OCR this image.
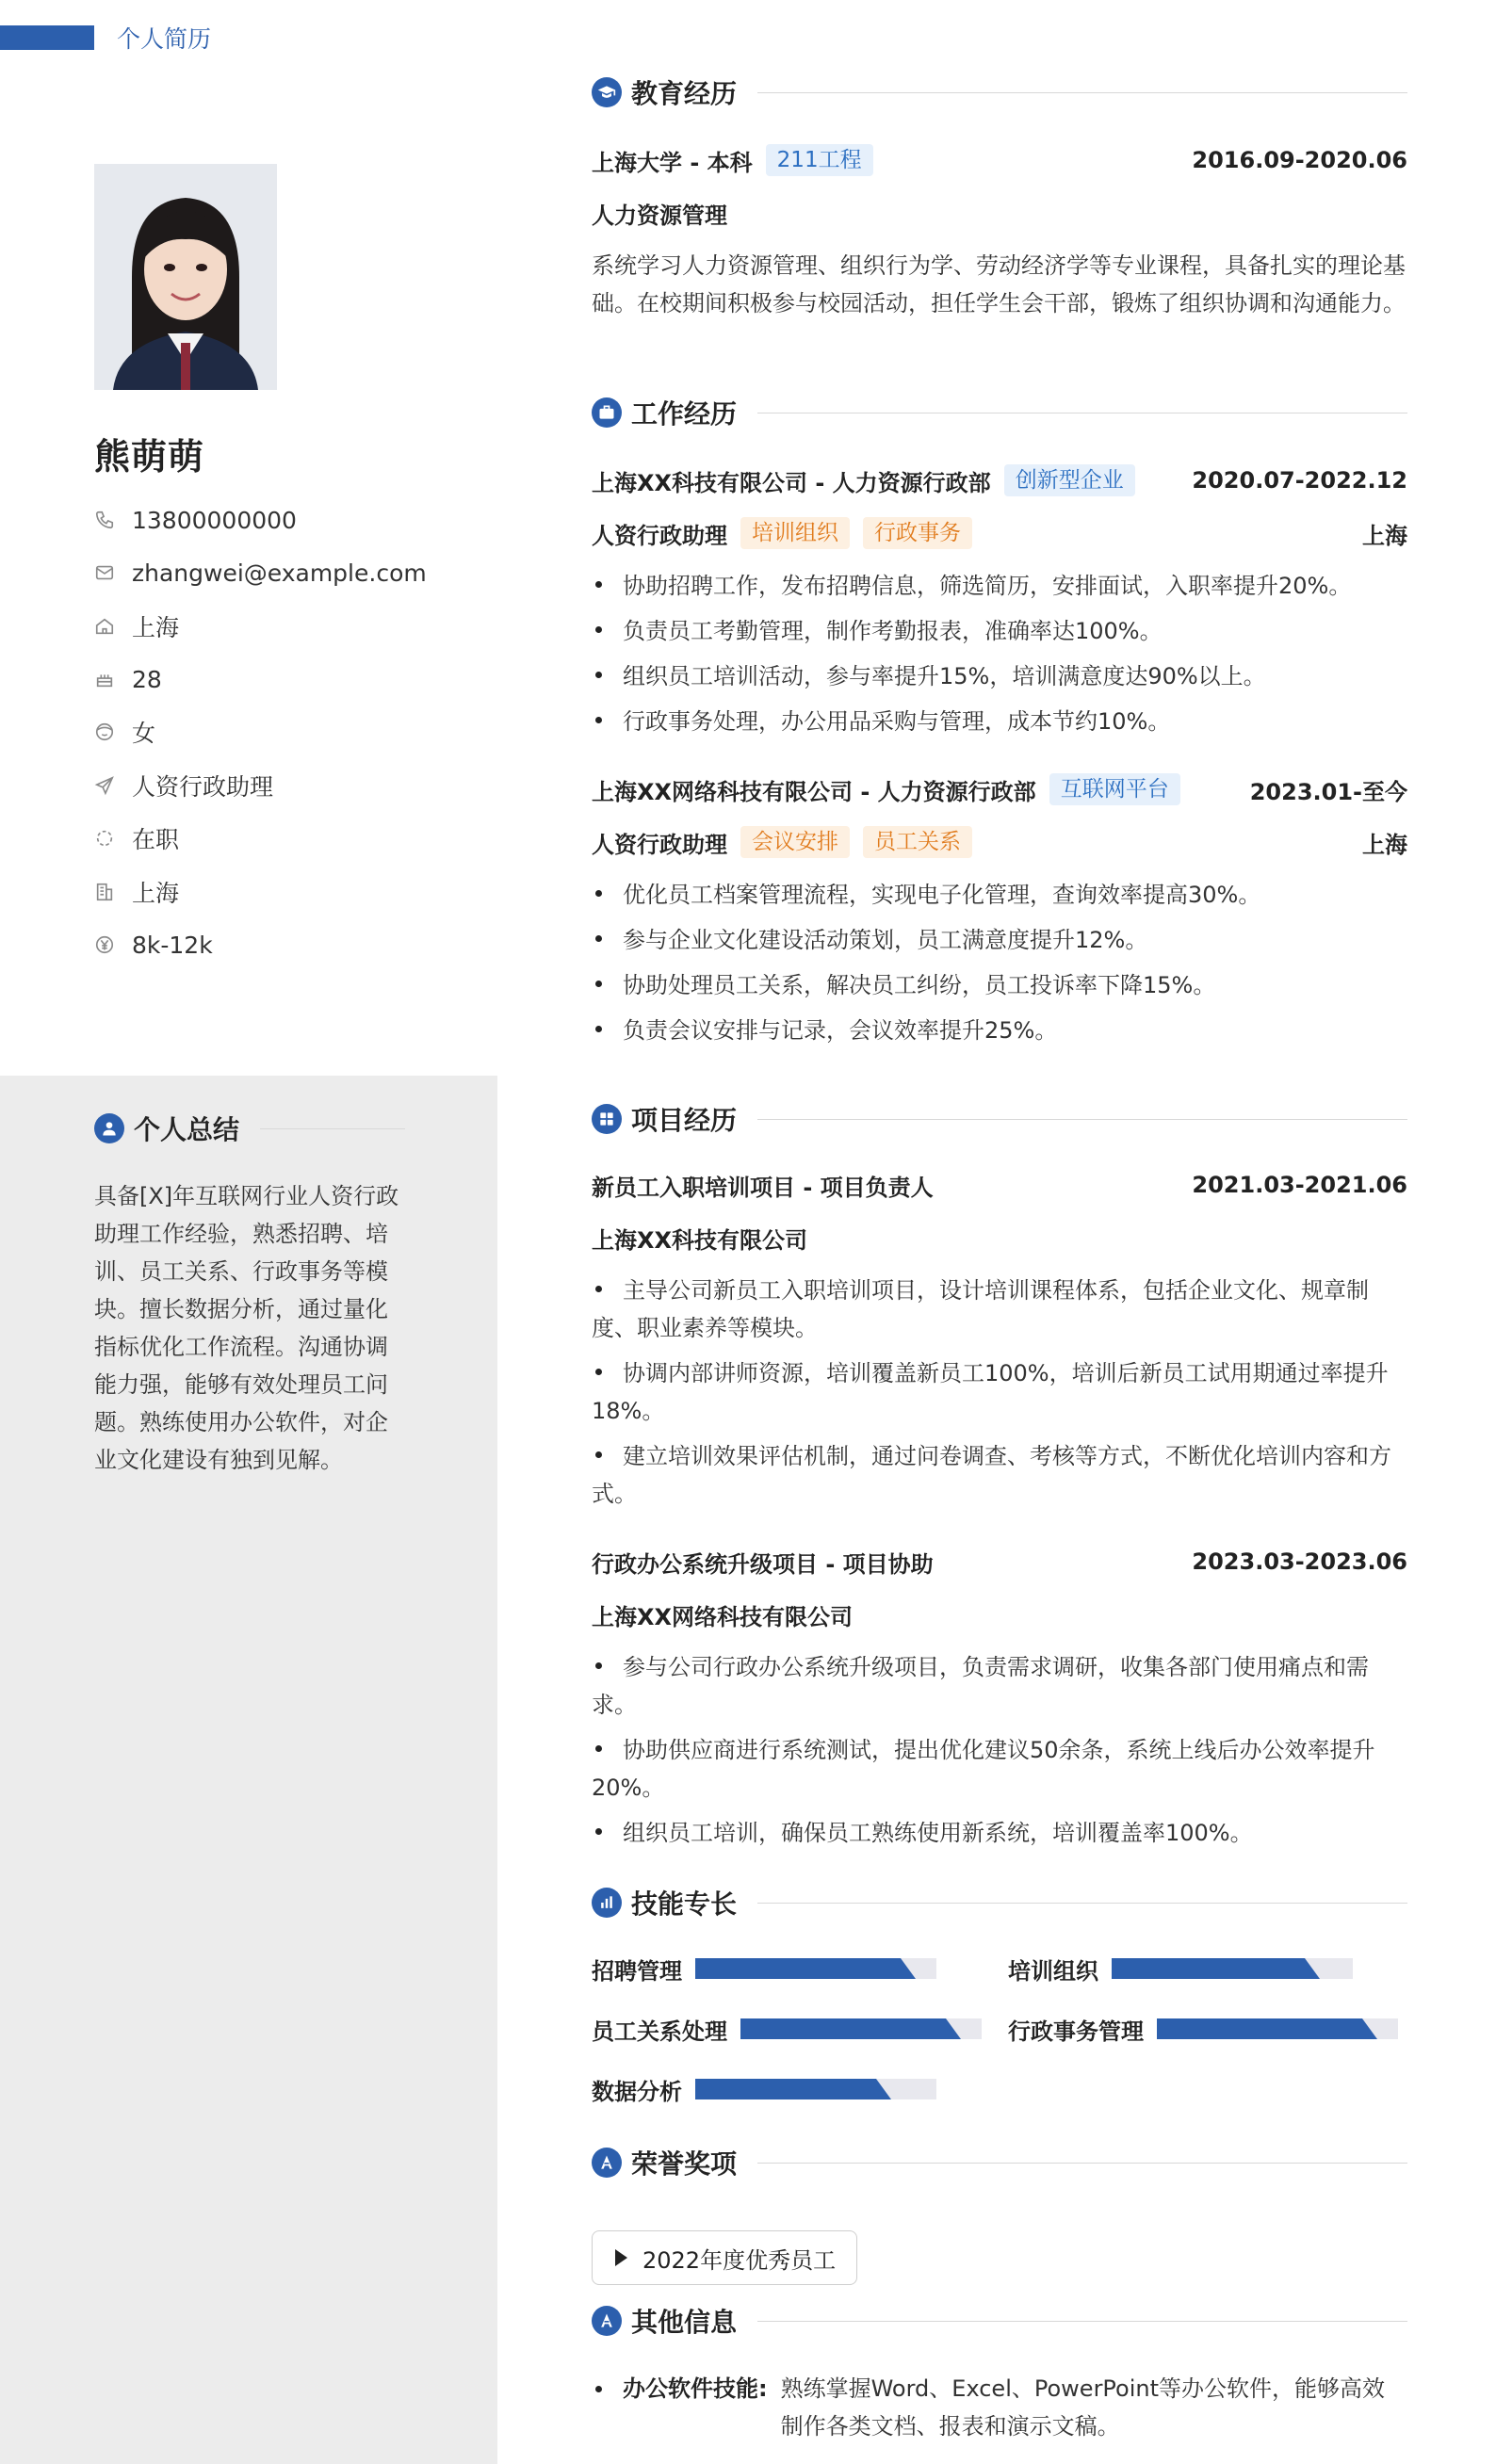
个人简历
熊萌萌
13800000000
zhangwei@example.com
上海
28
女
人资行政助理
在职
上海
8k-12k
个人总结
具备[X]年互联网行业人资行政助理工作经验，熟悉招聘、培训、员工关系、行政事务等模块。擅长数据分析，通过量化指标优化工作流程。沟通协调能力强，能够有效处理员工问题。熟练使用办公软件，对企业文化建设有独到见解。
教育经历
上海大学 - 本科	211工程	2016.09-2020.06
人力资源管理
系统学习人力资源管理、组织行为学、劳动经济学等专业课程，具备扎实的理论基础。在校期间积极参与校园活动，担任学生会干部，锻炼了组织协调和沟通能力。
工作经历
上海XX科技有限公司 - 人力资源行政部	创新型企业	2020.07-2022.12
人资行政助理	培训组织	行政事务	上海
协助招聘工作，发布招聘信息，筛选简历，安排面试，入职率提升20%。
负责员工考勤管理，制作考勤报表，准确率达100%。
组织员工培训活动，参与率提升15%，培训满意度达90%以上。
行政事务处理，办公用品采购与管理，成本节约10%。
上海XX网络科技有限公司 - 人力资源行政部	互联网平台	2023.01-至今
人资行政助理	会议安排	员工关系	上海
优化员工档案管理流程，实现电子化管理，查询效率提高30%。
参与企业文化建设活动策划，员工满意度提升12%。
协助处理员工关系，解决员工纠纷，员工投诉率下降15%。
负责会议安排与记录，会议效率提升25%。
项目经历
新员工入职培训项目 - 项目负责人	2021.03-2021.06
上海XX科技有限公司
主导公司新员工入职培训项目，设计培训课程体系，包括企业文化、规章制度、职业素养等模块。
协调内部讲师资源，培训覆盖新员工100%，培训后新员工试用期通过率提升18%。
建立培训效果评估机制，通过问卷调查、考核等方式，不断优化培训内容和方式。
行政办公系统升级项目 - 项目协助	2023.03-2023.06
上海XX网络科技有限公司
参与公司行政办公系统升级项目，负责需求调研，收集各部门使用痛点和需求。
协助供应商进行系统测试，提出优化建议50余条，系统上线后办公效率提升20%。
组织员工培训，确保员工熟练使用新系统，培训覆盖率100%。
技能专长
招聘管理	培训组织
员工关系处理	行政事务管理
数据分析
荣誉奖项
2022年度优秀员工
其他信息
办公软件技能: 熟练掌握Word、Excel、PowerPoint等办公软件，能够高效制作各类文档、报表和演示文稿。
